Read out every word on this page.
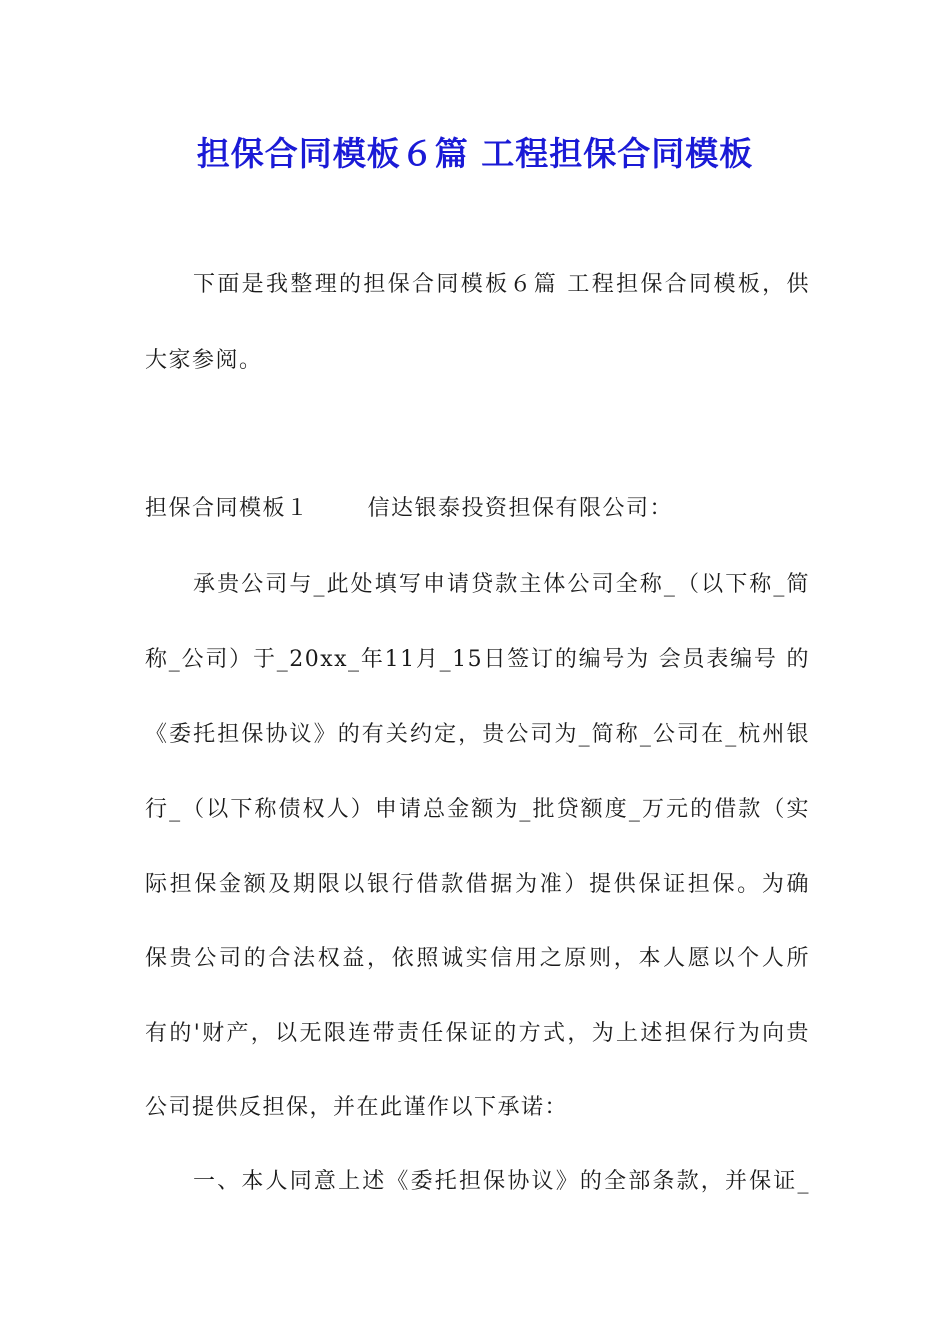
担保合同模板６篇 工程担保合同模板
下面是我整理的担保合同模板６篇 工程担保合同模板，供
大家参阅。
担保合同模板１	信达银泰投资担保有限公司：
承贵公司与_此处填写申请贷款主体公司全称_（以下称_简
称_公司）于_20xx_年11月_15日签订的编号为 会员表编号 的
《委托担保协议》的有关约定，贵公司为_简称_公司在_杭州银
行_（以下称债权人）申请总金额为_批贷额度_万元的借款（实
际担保金额及期限以银行借款借据为准）提供保证担保。为确
保贵公司的合法权益，依照诚实信用之原则，本人愿以个人所
有的'财产，以无限连带责任保证的方式，为上述担保行为向贵
公司提供反担保，并在此谨作以下承诺：
一、本人同意上述《委托担保协议》的全部条款，并保证_
